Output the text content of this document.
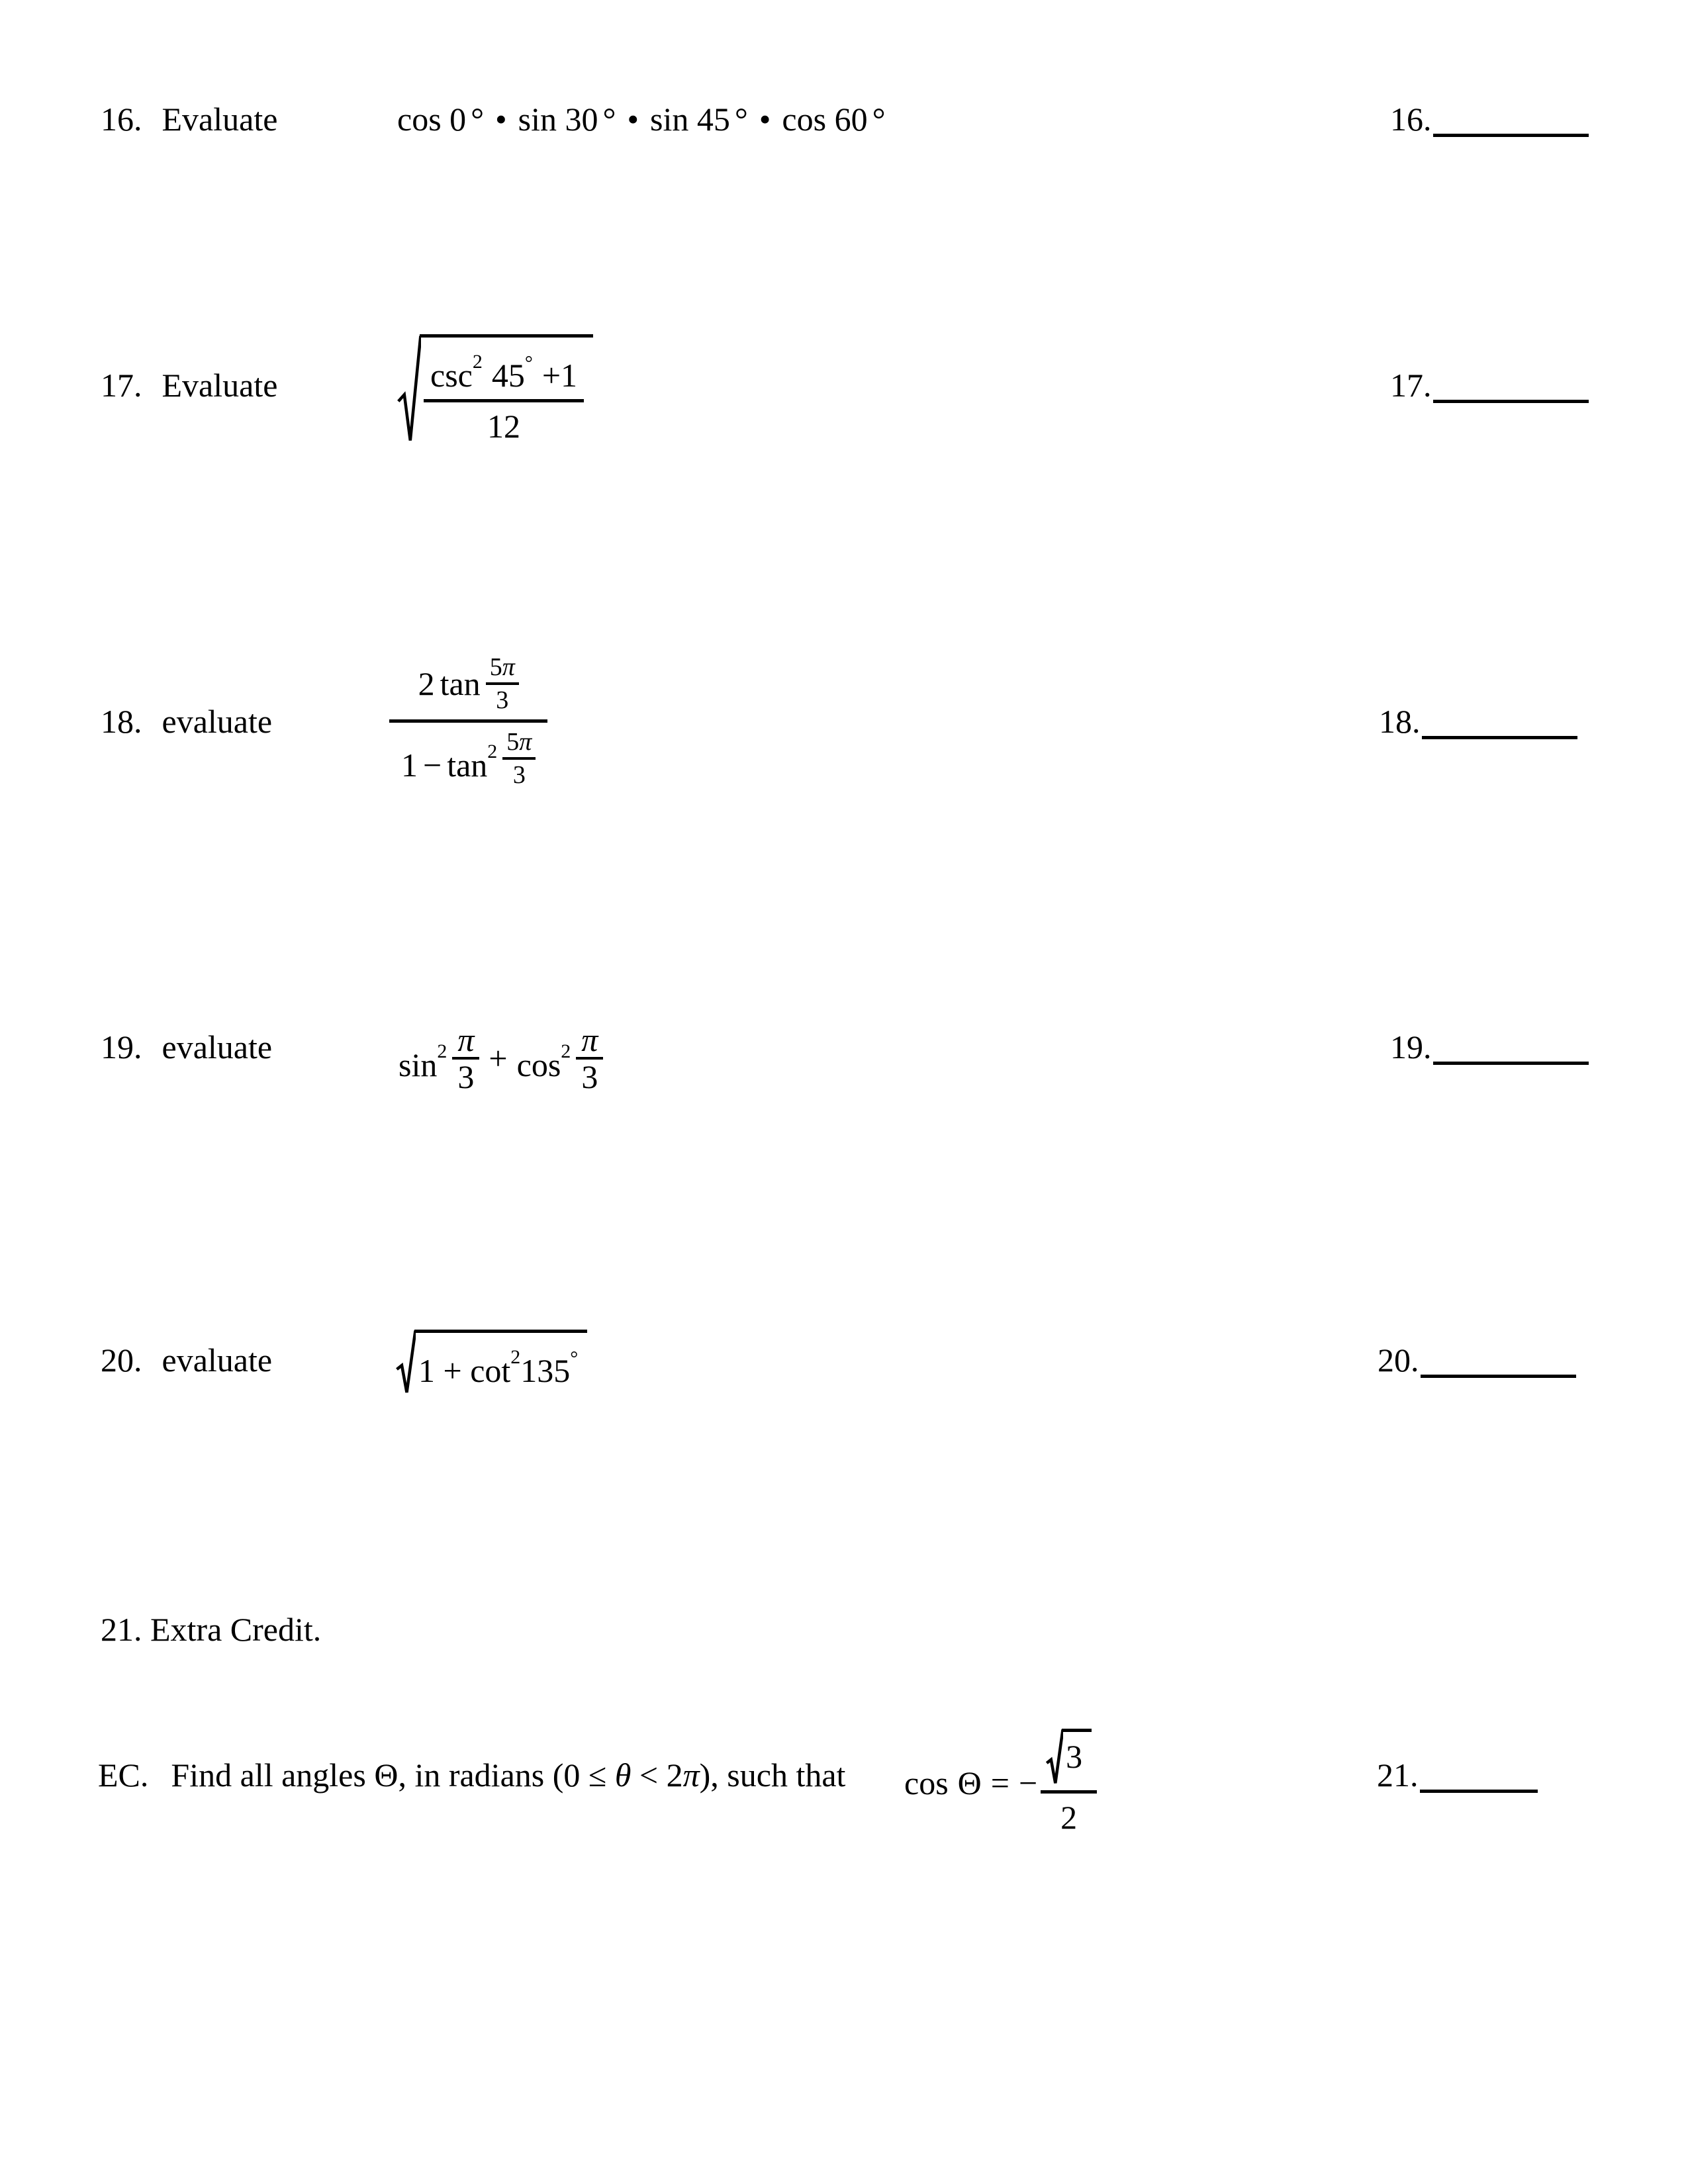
16. Evaluate	cos 0 ° • sin 30 ° • sin 45 ° • cos 60 °	16.
17. Evaluate	$\frac{\csc^2 45^\circ +1}{12}$	17.
18. evaluate	$\frac{2 \tan \frac{5\pi}{3}}{1 - \tan^2 \frac{5\pi}{3}}$	18.
19. evaluate	$\sin^2 \frac{\pi}{3} + \cos^2 \frac{\pi}{3}$	19.
20. evaluate	$1 + \cot^2135^\circ$	20.
21. Extra Credit.
EC. Find all angles Θ, in radians (0 ≤ θ < 2π), such that cos Θ = − $\frac{3}{2}$	21.
